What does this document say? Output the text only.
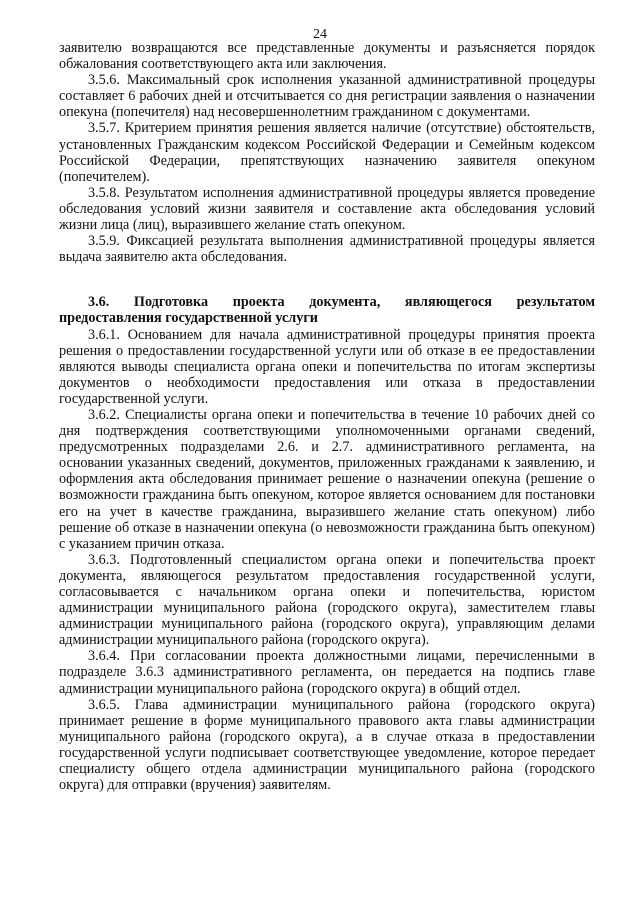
24

заявителю возвращаются все представленные документы и разъясняется порядок обжалования соответствующего акта или заключения.

3.5.6. Максимальный срок исполнения указанной административной процедуры составляет 6 рабочих дней и отсчитывается со дня регистрации заявления о назначении опекуна (попечителя) над несовершеннолетним гражданином с документами.

3.5.7. Критерием принятия решения является наличие (отсутствие) обстоятельств, установленных Гражданским кодексом Российской Федерации и Семейным кодексом Российской Федерации, препятствующих назначению заявителя опекуном (попечителем).

3.5.8. Результатом исполнения административной процедуры является проведение обследования условий жизни заявителя и составление акта обследования условий жизни лица (лиц), выразившего желание стать опекуном.

3.5.9. Фиксацией результата выполнения административной процедуры является выдача заявителю акта обследования.

3.6. Подготовка проекта документа, являющегося результатом предоставления государственной услуги

3.6.1. Основанием для начала административной процедуры принятия проекта решения о предоставлении государственной услуги или об отказе в ее предоставлении являются выводы специалиста органа опеки и попечительства по итогам экспертизы документов о необходимости предоставления или отказа в предоставлении государственной услуги.

3.6.2. Специалисты органа опеки и попечительства в течение 10 рабочих дней со дня подтверждения соответствующими уполномоченными органами сведений, предусмотренных подразделами 2.6. и 2.7. административного регламента, на основании указанных сведений, документов, приложенных гражданами к заявлению, и оформления акта обследования принимает решение о назначении опекуна (решение о возможности гражданина быть опекуном, которое является основанием для постановки его на учет в качестве гражданина, выразившего желание стать опекуном) либо решение об отказе в назначении опекуна (о невозможности гражданина быть опекуном) с указанием причин отказа.

3.6.3. Подготовленный специалистом органа опеки и попечительства проект документа, являющегося результатом предоставления государственной услуги, согласовывается с начальником органа опеки и попечительства, юристом администрации муниципального района (городского округа), заместителем главы администрации муниципального района (городского округа), управляющим делами администрации муниципального района (городского округа).

3.6.4. При согласовании проекта должностными лицами, перечисленными в подразделе 3.6.3 административного регламента, он передается на подпись главе администрации муниципального района (городского округа) в общий отдел.

3.6.5. Глава администрации муниципального района (городского округа) принимает решение в форме муниципального правового акта главы администрации муниципального района (городского округа), а в случае отказа в предоставлении государственной услуги подписывает соответствующее уведомление, которое передает специалисту общего отдела администрации муниципального района (городского округа) для отправки (вручения) заявителям.
